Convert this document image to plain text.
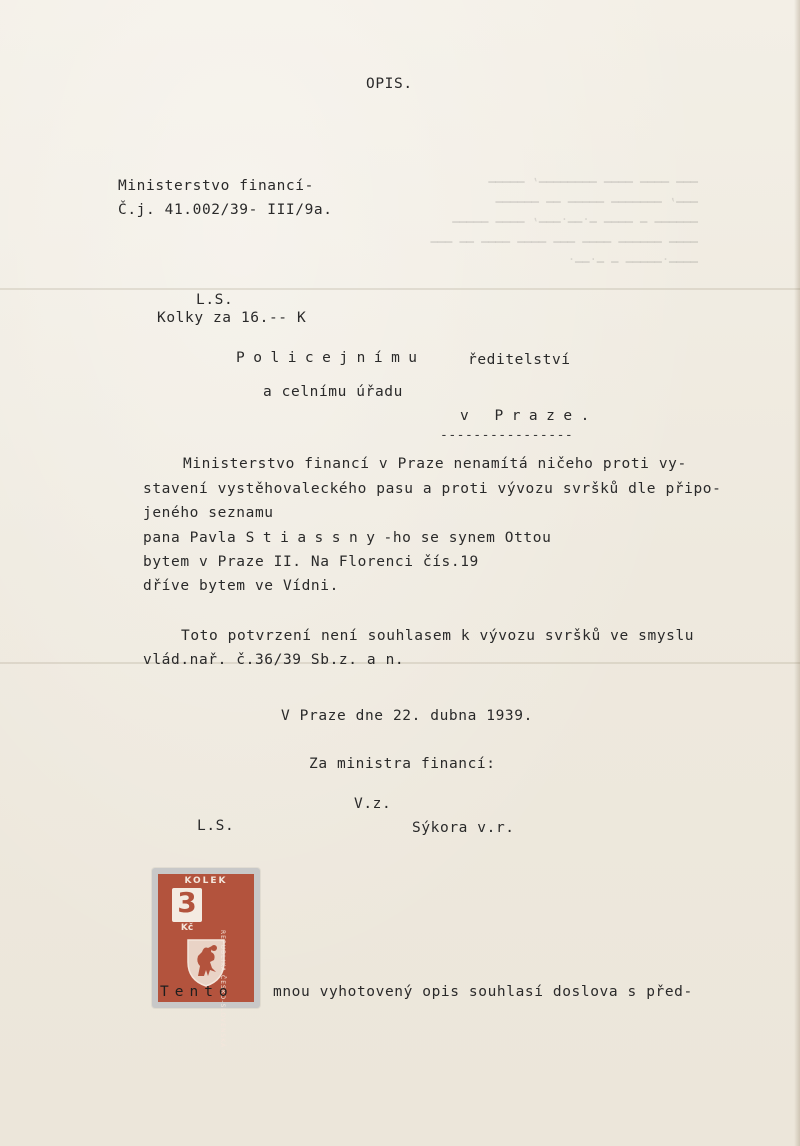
▁▁▁ ▁▁▁▁ ▁▁▁▁ ▁▁▁▁▁▁▁▁, ▁▁▁▁▁
▁▁▁, ▁▁▁▁▁▁▁ ▁▁▁▁▁ ▁▁ ▁▁▁▁▁▁
▁▁▁▁▁▁ ▁ ▁▁▁▁ ▁.▁▁.▁▁▁, ▁▁▁▁ ▁▁▁▁▁
▁▁▁▁ ▁▁▁▁▁▁ ▁▁▁▁ ▁▁▁ ▁▁▁▁ ▁▁▁▁ ▁▁ ▁▁▁
▁▁▁▁.▁▁▁▁▁ ▁ ▁.▁▁.
OPIS.
Ministerstvo financí-
Č.j. 41.002/39- III/9a.
L.S.
Kolky za 16.-- K
Policejnímu	ředitelství
a celnímu úřadu
v Praze.
----------------
Ministerstvo financí v Praze nenamítá ničeho proti vy-
stavení vystěhovaleckého pasu a proti vývozu svršků dle připo-
jeného seznamu
pana Pavla Stiassny-ho se synem Ottou
bytem v Praze II. Na Florenci čís.19
dříve bytem ve Vídni.
Toto potvrzení není souhlasem k vývozu svršků ve smyslu
vlád.nař. č.36/39 Sb.z. a n.
V Praze dne 22. dubna 1939.
Za ministra financí:
V.z.
L.S.	Sýkora v.r.
KOLEK
3
Kč
REPUBLIKA ČESKO-SLOVENSKÁ
Tento	mnou vyhotovený opis souhlasí doslova s před-
